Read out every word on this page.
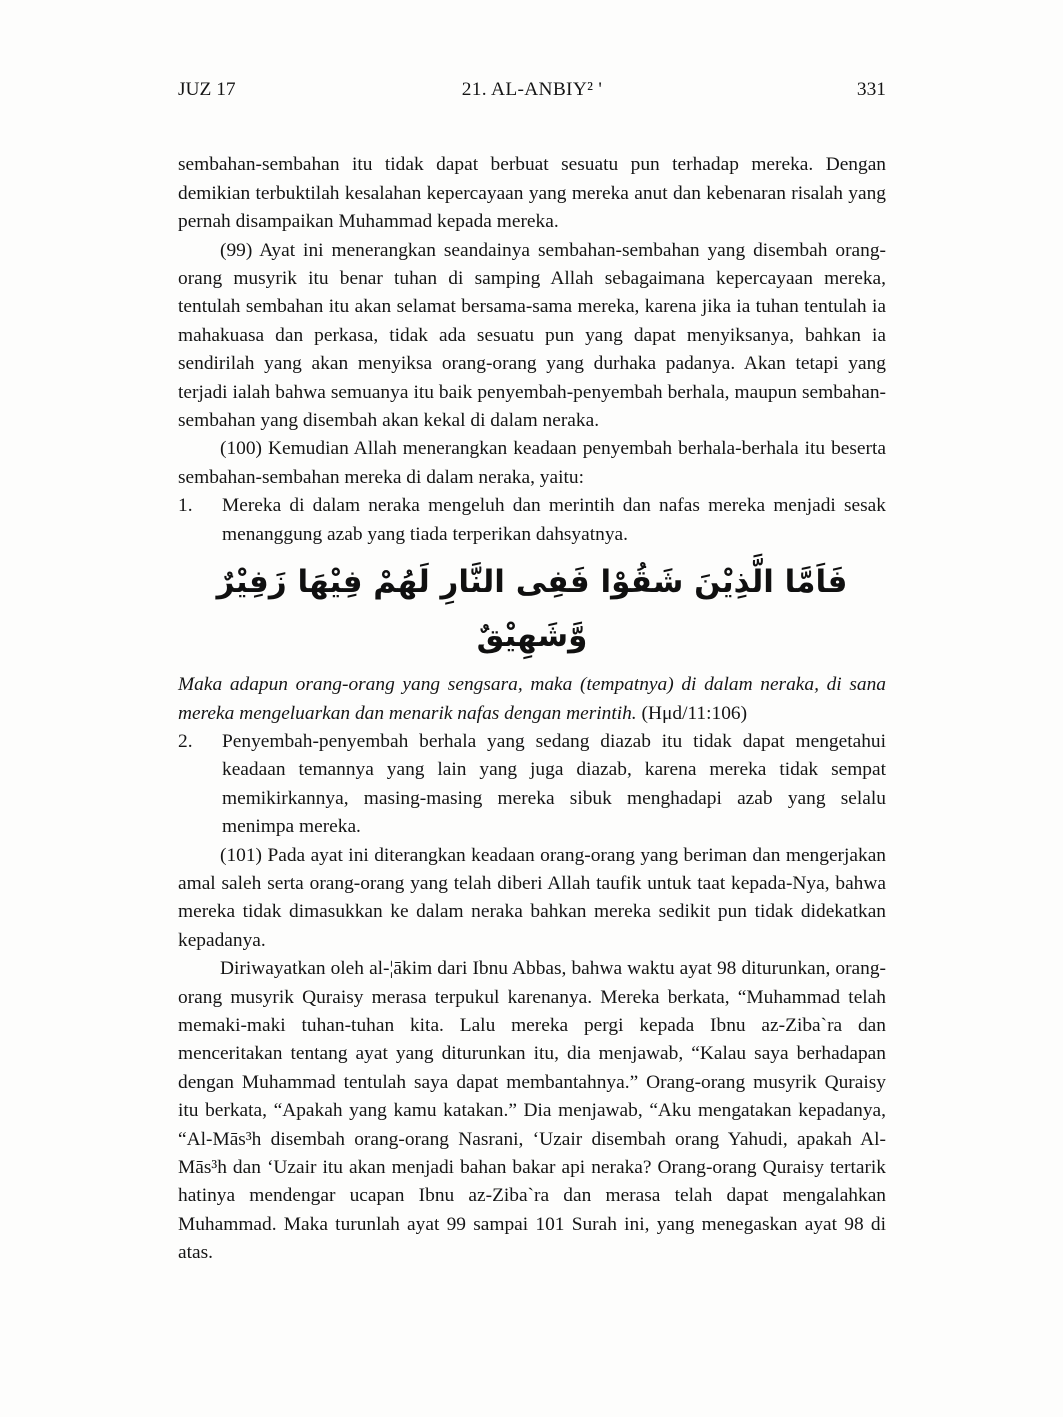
JUZ 17	21. AL-ANBIY² '	331

sembahan-sembahan itu tidak dapat berbuat sesuatu pun terhadap mereka. Dengan demikian terbuktilah kesalahan kepercayaan yang mereka anut dan kebenaran risalah yang pernah disampaikan Muhammad kepada mereka.

(99) Ayat ini menerangkan seandainya sembahan-sembahan yang disembah orang-orang musyrik itu benar tuhan di samping Allah sebagaimana kepercayaan mereka, tentulah sembahan itu akan selamat bersama-sama mereka, karena jika ia tuhan tentulah ia mahakuasa dan perkasa, tidak ada sesuatu pun yang dapat menyiksanya, bahkan ia sendirilah yang akan menyiksa orang-orang yang durhaka padanya. Akan tetapi yang terjadi ialah bahwa semuanya itu baik penyembah-penyembah berhala, maupun sembahan-sembahan yang disembah akan kekal di dalam neraka.

(100) Kemudian Allah menerangkan keadaan penyembah berhala-berhala itu beserta sembahan-sembahan mereka di dalam neraka, yaitu:

1.	Mereka di dalam neraka mengeluh dan merintih dan nafas mereka menjadi sesak menanggung azab yang tiada terperikan dahsyatnya.
فَاَمَّا الَّذِيْنَ شَقُوْا فَفِى النَّارِ لَهُمْ فِيْهَا زَفِيْرٌ وَّشَهِيْقٌ

Maka adapun orang-orang yang sengsara, maka (tempatnya) di dalam neraka, di sana mereka mengeluarkan dan menarik nafas dengan merintih. (Hμd/11:106)

2.	Penyembah-penyembah berhala yang sedang diazab itu tidak dapat mengetahui keadaan temannya yang lain yang juga diazab, karena mereka tidak sempat memikirkannya, masing-masing mereka sibuk menghadapi azab yang selalu menimpa mereka.

(101) Pada ayat ini diterangkan keadaan orang-orang yang beriman dan mengerjakan amal saleh serta orang-orang yang telah diberi Allah taufik untuk taat kepada-Nya, bahwa mereka tidak dimasukkan ke dalam neraka bahkan mereka sedikit pun tidak didekatkan kepadanya.

Diriwayatkan oleh al-¦ākim dari Ibnu Abbas, bahwa waktu ayat 98 diturunkan, orang-orang musyrik Quraisy merasa terpukul karenanya. Mereka berkata, “Muhammad telah memaki-maki tuhan-tuhan kita. Lalu mereka pergi kepada Ibnu az-Ziba`ra dan menceritakan tentang ayat yang diturunkan itu, dia menjawab, “Kalau saya berhadapan dengan Muhammad tentulah saya dapat membantahnya.” Orang-orang musyrik Quraisy itu berkata, “Apakah yang kamu katakan.” Dia menjawab, “Aku mengatakan kepadanya, “Al-Mās³h disembah orang-orang Nasrani, ‘Uzair disembah orang Yahudi, apakah Al-Mās³h dan ‘Uzair itu akan menjadi bahan bakar api neraka? Orang-orang Quraisy tertarik hatinya mendengar ucapan Ibnu az-Ziba`ra dan merasa telah dapat mengalahkan Muhammad. Maka turunlah ayat 99 sampai 101 Surah ini, yang menegaskan ayat 98 di atas.
